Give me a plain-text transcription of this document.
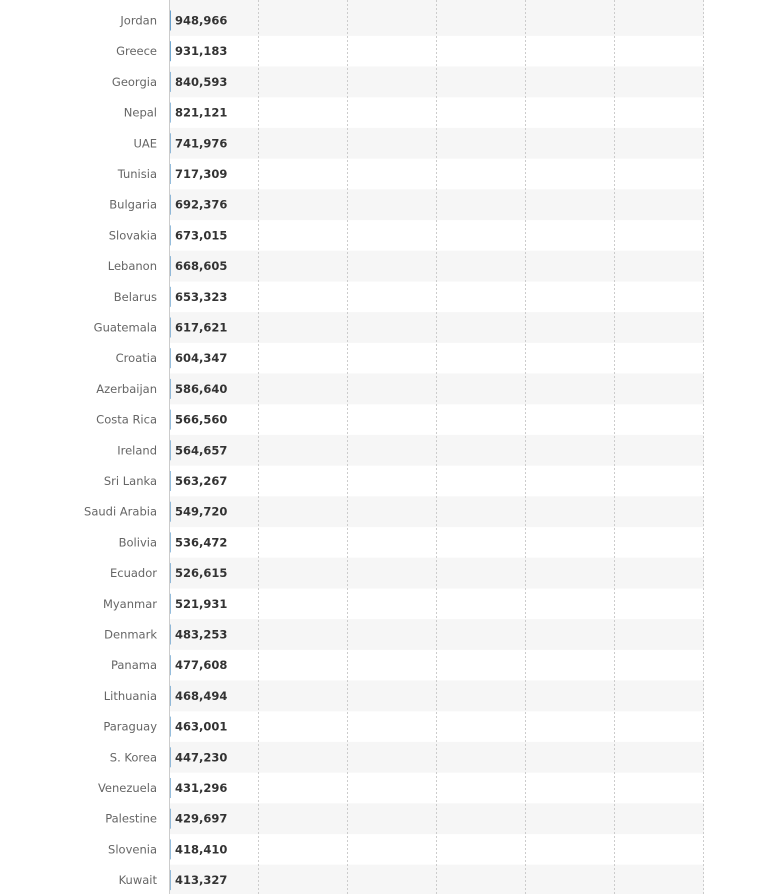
Jordan
Greece
Georgia
Nepal
UAE
Tunisia
Bulgaria
Slovakia
Lebanon
Belarus
Guatemala
Croatia
Azerbaijan
Costa Rica
Ireland
Sri Lanka
Saudi Arabia
Bolivia
Ecuador
Myanmar
Denmark
Panama
Lithuania
Paraguay
S. Korea
Venezuela
Palestine
Slovenia
Kuwait
948,966
931,183
840,593
821,121
741,976
717,309
692,376
673,015
668,605
653,323
617,621
604,347
586,640
566,560
564,657
563,267
549,720
536,472
526,615
521,931
483,253
477,608
468,494
463,001
447,230
431,296
429,697
418,410
413,327
